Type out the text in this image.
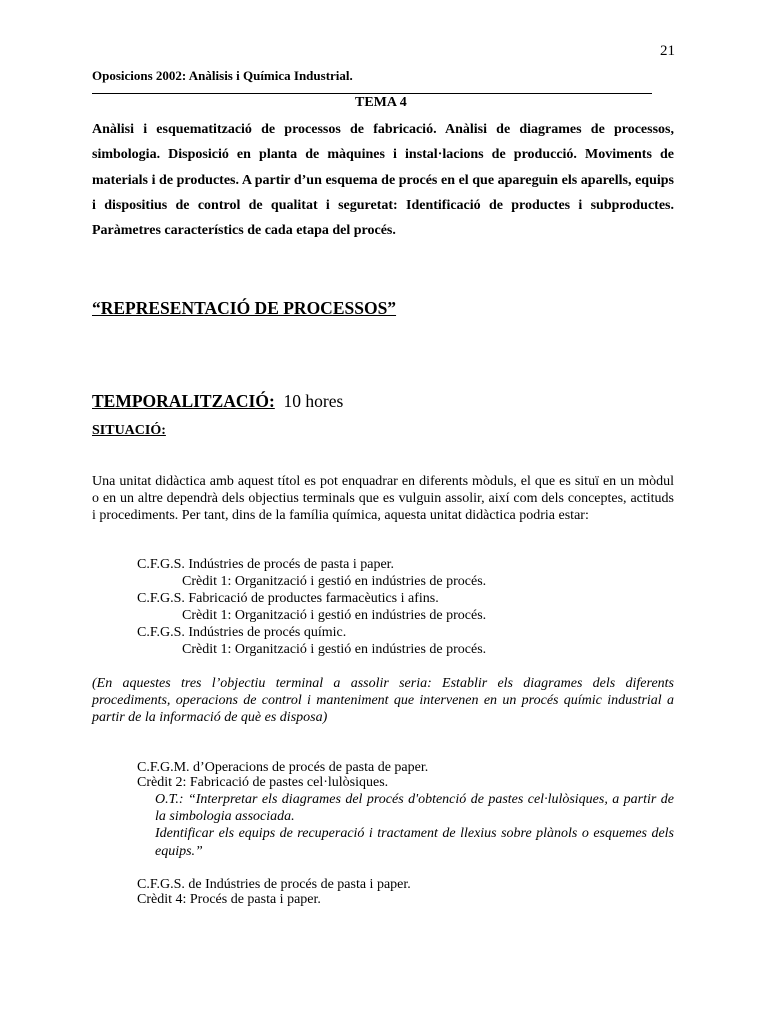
21
Oposicions 2002: Anàlisis i Química Industrial.
TEMA 4
Anàlisi i esquematització de processos de fabricació. Anàlisi de diagrames de processos, simbologia. Disposició en planta de màquines i instal·lacions de producció. Moviments de materials i de productes. A partir d’un esquema de procés en el que apareguin els aparells, equips i dispositius de control de qualitat i seguretat: Identificació de productes i subproductes. Paràmetres característics de cada etapa del procés.
“REPRESENTACIÓ DE PROCESSOS”
TEMPORALITZACIÓ: 10 hores
SITUACIÓ:
Una unitat didàctica amb aquest títol es pot enquadrar en diferents mòduls, el que es situï en un mòdul o en un altre dependrà dels objectius terminals que es vulguin assolir, així com dels conceptes, actituds i procediments. Per tant, dins de la família química, aquesta unitat didàctica podria estar:
C.F.G.S. Indústries de procés de pasta i paper.
Crèdit 1: Organització i gestió en indústries de procés.
C.F.G.S. Fabricació de productes farmacèutics i afins.
Crèdit 1: Organització i gestió en indústries de procés.
C.F.G.S. Indústries de procés químic.
Crèdit 1: Organització i gestió en indústries de procés.
(En aquestes tres l’objectiu terminal a assolir seria: Establir els diagrames dels diferents procediments, operacions de control i manteniment que intervenen en un procés químic industrial a partir de la informació de què es disposa)
C.F.G.M. d’Operacions de procés de pasta de paper.
Crèdit 2: Fabricació de pastes cel·lulòsiques.

O.T.: “Interpretar els diagrames del procés d'obtenció de pastes cel·lulòsiques, a partir de la simbologia associada.

Identificar els equips de recuperació i tractament de llexius sobre plànols o esquemes dels equips.”

C.F.G.S. de Indústries de procés de pasta i paper.
Crèdit 4: Procés de pasta i paper.
